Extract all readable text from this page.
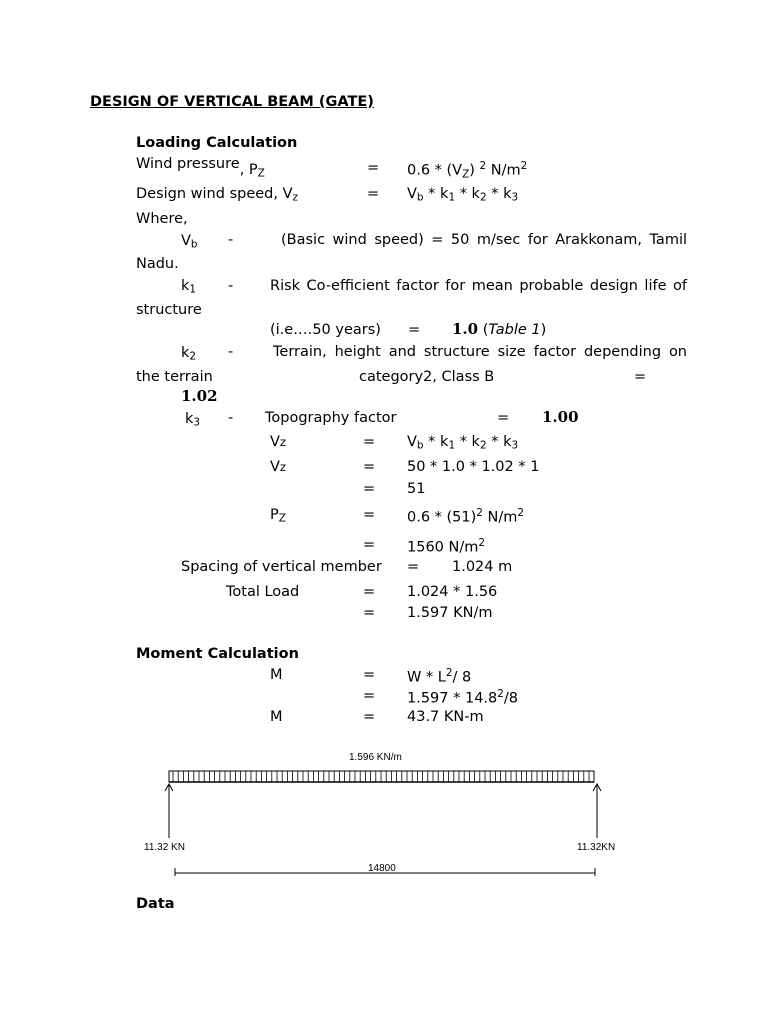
DESIGN OF VERTICAL BEAM (GATE)
Loading Calculation
Wind pressure, $P_Z$	= $0.6 * (V_Z)$ $^2$ $N/m^2$
Design wind speed, $V_z$	= $V_b * k_1 * k_2 * k_3$
Where,
$V_b$ -	(Basic wind speed) = 50 m/sec for Arakkonam, Tamil
Nadu.
$k_1$ -	Risk Co-efficient factor for mean probable design life of
structure
(i.e.…50 years) = 1.0 (Table 1)
$k_2$ -	Terrain, height and structure size factor depending on
the terrain	category2, Class B	=
1.02
$k_3$ - Topography factor	= 1.00
Vz	= $V_b * k_1 * k_2 * k_3$
Vz	= 50 * 1.0 * 1.02 * 1
= 51
$P_Z$	= $0.6 * (51)^2$ $N/m^2$
= 1560 $N/m^2$
Spacing of vertical member = 1.024 m
Total Load	= 1.024 * 1.56
= 1.597 KN/m
Moment Calculation
M	= W * $L^2/$ 8
= 1.597 * 14.8$^2$/8
M	= 43.7 KN-m
1.596 KN/m
11.32 KN	11.32KN
14800
Data
